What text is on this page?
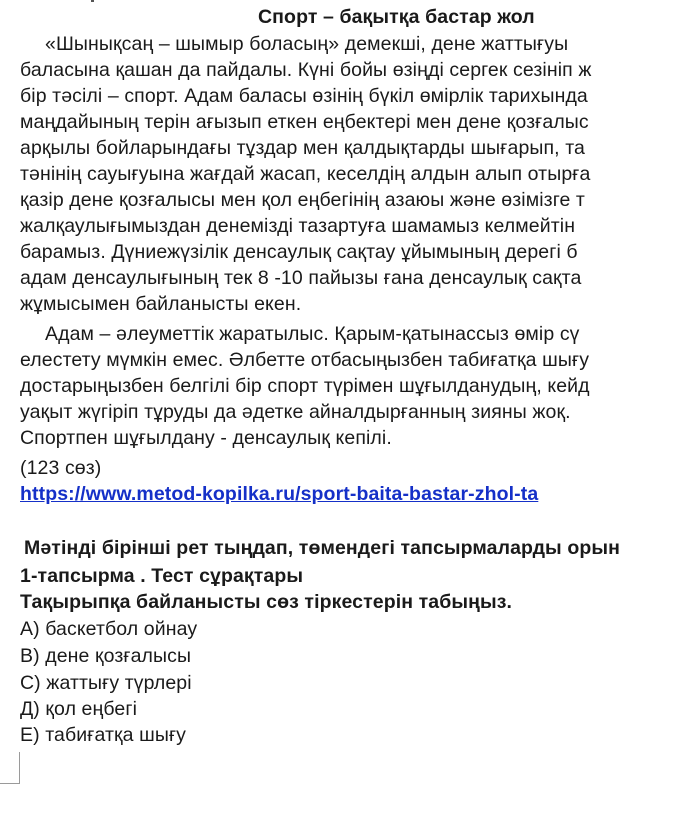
Спорт – бақытқа бастар жол
«Шынықсаң – шымыр боласың» демекші, дене жаттығуы
баласына қашан да пайдалы. Күні бойы өзіңді сергек сезініп ж
бір тәсілі – спорт. Адам баласы өзінің бүкіл өмірлік тарихында
маңдайының терін ағызып еткен еңбектері мен дене қозғалыс
арқылы бойларындағы тұздар мен қалдықтарды шығарып, та
тәнінің сауығуына жағдай жасап, кеселдің алдын алып отырға
қазір дене қозғалысы мен қол еңбегінің азаюы және өзімізге т
жалқаулығымыздан денемізді тазартуға шамамыз келмейтін
барамыз. Дүниежүзілік денсаулық сақтау ұйымының дерегі б
адам денсаулығының тек 8 -10 пайызы ғана денсаулық сақта
жұмысымен байланысты екен.
Адам – әлеуметтік жаратылыс. Қарым-қатынассыз өмір сү
елестету мүмкін емес. Әлбетте отбасыңызбен табиғатқа шығу
достарыңызбен белгілі бір спорт түрімен шұғылданудың, кейд
уақыт жүгіріп тұруды да әдетке айналдырғанның зияны жоқ.
Спортпен шұғылдану - денсаулық кепілі.
(123 сөз)
https://www.metod-kopilka.ru/sport-baita-bastar-zhol-ta
Мәтінді бірінші рет тыңдап, төмендегі тапсырмаларды орын
1-тапсырма . Тест сұрақтары
Тақырыпқа байланысты сөз тіркестерін табыңыз.
А) баскетбол ойнау
В) дене қозғалысы
С) жаттығу түрлері
Д) қол еңбегі
Е) табиғатқа шығу
